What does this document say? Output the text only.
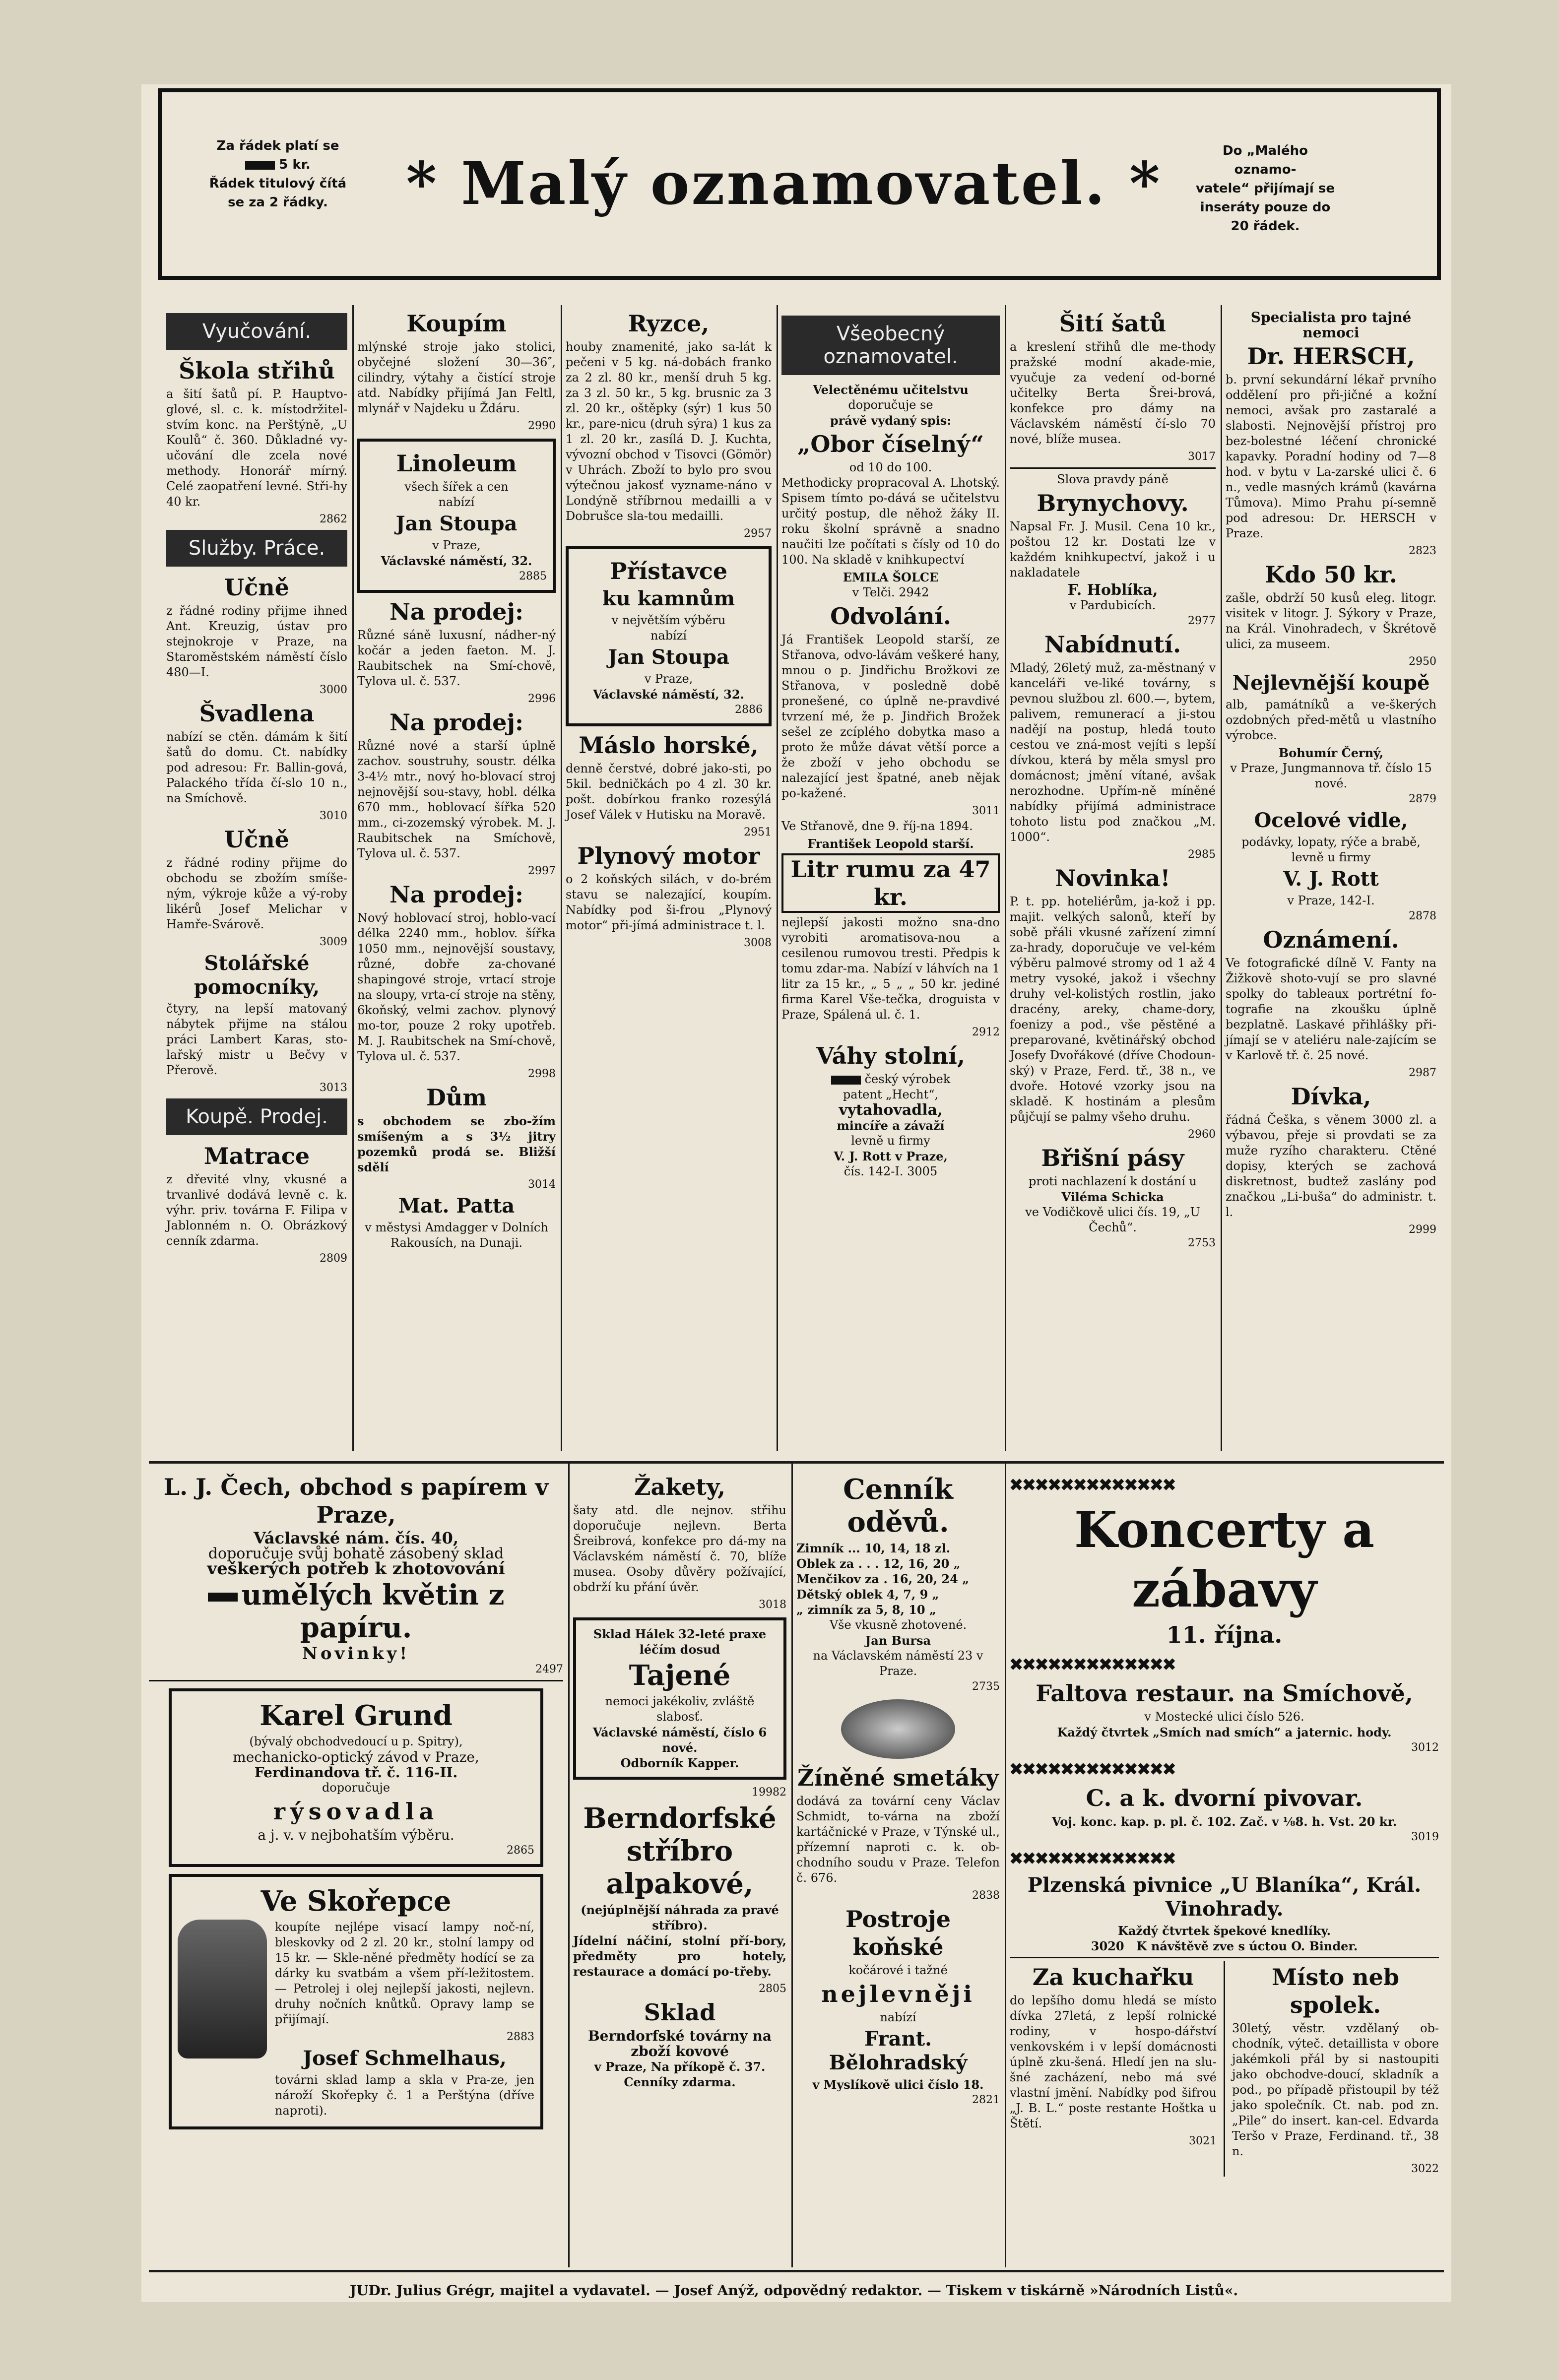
Za řádek platí se
5 kr.
Řádek titulový čítá
se za 2 řádky.	* Malý oznamovatel. *	Do „Malého oznamo-
vatele“ přijímají se
inseráty pouze do
20 řádek.
Vyučování.
Škola střihů

a šití šatů pí. P. Hauptvo-glové, sl. c. k. místodržitel-stvím konc. na Perštýně, „U Koulů“ č. 360. Důkladné vy-učování dle zcela nové methody. Honorář mírný. Celé zaopatření levné. Stři-hy 40 kr.

2862
Služby. Práce.
Učně

z řádné rodiny přijme ihned Ant. Kreuzig, ústav pro stejnokroje v Praze, na Staroměstském náměstí číslo 480—I.

3000
Švadlena

nabízí se ctěn. dámám k šití šatů do domu. Ct. nabídky pod adresou: Fr. Ballin-gová, Palackého třída čí-slo 10 n., na Smíchově.

3010
Učně

z řádné rodiny přijme do obchodu se zbožím smíše-ným, výkroje kůže a vý-roby likérů Josef Melichar v Hamře-Svárově.

3009
Stolářské pomocníky,

čtyry, na lepší matovaný nábytek přijme na stálou práci Lambert Karas, sto-lařský mistr u Bečvy v Přerově.

3013
Koupě. Prodej.
Matrace

z dřevité vlny, vkusné a trvanlivé dodává levně c. k. výhr. priv. továrna F. Filipa v Jablonném n. O. Obrázkový cenník zdarma.

2809
Koupím

mlýnské stroje jako stolici, obyčejné složení 30—36″, cilindry, výtahy a čistící stroje atd. Nabídky přijímá Jan Feltl, mlynář v Najdeku u Ždáru.

2990
Linoleum
všech šířek a cen
nabízí
Jan Stoupa
v Praze,
Václavské náměstí, 32.
2885
Na prodej:

Různé sáně luxusní, nádher-ný kočár a jeden faeton. M. J. Raubitschek na Smí-chově, Tylova ul. č. 537.

2996
Na prodej:

Různé nové a starší úplně zachov. soustruhy, soustr. délka 3-4½ mtr., nový ho-blovací stroj nejnovější sou-stavy, hobl. délka 670 mm., hoblovací šířka 520 mm., ci-zozemský výrobek. M. J. Raubitschek na Smíchově, Tylova ul. č. 537.

2997
Na prodej:

Nový hoblovací stroj, hoblo-vací délka 2240 mm., hoblov. šířka 1050 mm., nejnovější soustavy, různé, dobře za-chované shapingové stroje, vrtací stroje na sloupy, vrta-cí stroje na stěny, 6koňský, velmi zachov. plynový mo-tor, pouze 2 roky upotřeb. M. J. Raubitschek na Smí-chově, Tylova ul. č. 537.

2998
Dům

s obchodem se zbo-žím smíšeným a s 3½ jitry pozemků prodá se. Bližší sdělí

3014
Mat. Patta
v městysi Amdagger v Dolních Rakousích, na Dunaji.
Ryzce,

houby znamenité, jako sa-lát k pečeni v 5 kg. ná-dobách franko za 2 zl. 80 kr., menší druh 5 kg. za 3 zl. 50 kr., 5 kg. brusnic za 3 zl. 20 kr., oštěpky (sýr) 1 kus 50 kr., pare-nicu (druh sýra) 1 kus za 1 zl. 20 kr., zasílá D. J. Kuchta, vývozní obchod v Tisovci (Gömör) v Uhrách. Zboží to bylo pro svou výtečnou jakosť vyzname-náno v Londýně stříbrnou medailli a v Dobrušce sla-tou medailli.

2957
Přístavce
ku kamnům
v největším výběru
nabízí
Jan Stoupa
v Praze,
Václavské náměstí, 32.
2886
Máslo horské,

denně čerstvé, dobré jako-sti, po 5kil. bedničkách po 4 zl. 30 kr. pošt. dobírkou franko rozesýlá Josef Válek v Hutisku na Moravě.

2951
Plynový motor

o 2 koňských silách, v do-brém stavu se nalezající, koupím. Nabídky pod ši-frou „Plynový motor“ při-jímá administrace t. l.

3008
Všeobecný oznamovatel.
Velectěnému učitelstvu
doporučuje se
právě vydaný spis:
„Obor číselný“
od 10 do 100.

Methodicky propracoval A. Lhotský. Spisem tímto po-dává se učitelstvu určitý postup, dle něhož žáky II. roku školní správně a snadno naučiti lze počítati s čísly od 10 do 100. Na skladě v knihkupectví

EMILA ŠOLCE
v Telči. 2942
Odvolání.

Já František Leopold starší, ze Střanova, odvo-lávám veškeré hany, mnou o p. Jindřichu Brožkovi ze Střanova, v posledně době pronešené, co úplně ne-pravdivé tvrzení mé, že p. Jindřich Brožek sešel ze zcíplého dobytka maso a proto že může dávat větší porce a že zboží v jeho obchodu se nalezající jest špatné, aneb nějak po-kažené.

3011

Ve Střanově, dne 9. říj-na 1894.

František Leopold starší.
Litr rumu za 47 kr.

nejlepší jakosti možno sna-dno vyrobiti aromatisova-nou a cesilenou rumovou tresti. Předpis k tomu zdar-ma. Nabízí v láhvích na 1 litr za 15 kr., „ 5 „ „ 50 kr. jediné firma Karel Vše-tečka, droguista v Praze, Spálená ul. č. 1.

2912
Váhy stolní,
český výrobek
patent „Hecht“,
vytahovadla,
mincíře a závaží
levně u firmy
V. J. Rott v Praze,
čís. 142-I. 3005
Šití šatů

a kreslení střihů dle me-thody pražské modní akade-mie, vyučuje za vedení od-borné učitelky Berta Šrei-brová, konfekce pro dámy na Václavském náměstí čí-slo 70 nové, blíže musea.

3017
Slova pravdy páně
Brynychovy.

Napsal Fr. J. Musil. Cena 10 kr., poštou 12 kr. Dostati lze v každém knihkupectví, jakož i u nakladatele

F. Hoblíka,
v Pardubicích.
2977
Nabídnutí.

Mladý, 26letý muž, za-městnaný v kanceláři ve-liké továrny, s pevnou službou zl. 600.—, bytem, palivem, remunerací a ji-stou nadějí na postup, hledá touto cestou ve zná-most vejíti s lepší dívkou, která by měla smysl pro domácnost; jmění vítané, avšak nerozhodne. Upřím-ně míněné nabídky přijímá administrace tohoto listu pod značkou „M. 1000“.

2985
Novinka!

P. t. pp. hoteliérům, ja-kož i pp. majit. velkých salonů, kteří by sobě přáli vkusné zařízení zimní za-hrady, doporučuje ve vel-kém výběru palmové stromy od 1 až 4 metry vysoké, jakož i všechny druhy vel-kolistých rostlin, jako dracény, areky, chame-dory, foenizy a pod., vše pěstěné a preparované, květinářský obchod Josefy Dvořákové (dříve Chodoun-ský) v Praze, Ferd. tř., 38 n., ve dvoře. Hotové vzorky jsou na skladě. K hostinám a plesům půjčují se palmy všeho druhu.

2960
Břišní pásy
proti nachlazení k dostání u
Viléma Schicka
ve Vodičkově ulici čís. 19, „U Čechů“.
2753
Specialista pro tajné nemoci
Dr. HERSCH,

b. první sekundární lékař prvního oddělení pro při-jičné a kožní nemoci, avšak pro zastaralé a slabosti. Nejnovější přístroj pro bez-bolestné léčení chronické kapavky. Poradní hodiny od 7—8 hod. v bytu v La-zarské ulici č. 6 n., vedle masných krámů (kavárna Tůmova). Mimo Prahu pí-semně pod adresou: Dr. HERSCH v Praze.

2823
Kdo 50 kr.

zašle, obdrží 50 kusů eleg. litogr. visitek v litogr. J. Sýkory v Praze, na Král. Vinohradech, v Škrétově ulici, za museem.

2950
Nejlevnější koupě

alb, památníků a ve-škerých ozdobných před-mětů u vlastního výrobce.

Bohumír Černý,
v Praze, Jungmannova tř. číslo 15 nové.
2879
Ocelové vidle,
podávky, lopaty, rýče a brabě, levně u firmy
V. J. Rott
v Praze, 142-I.
2878
Oznámení.

Ve fotografické dílně V. Fanty na Žižkově shoto-vují se pro slavné spolky do tableaux portrétní fo-tografie na zkoušku úplně bezplatně. Laskavé přihlášky při-jímají se v ateliéru nale-zajícím se v Karlově tř. č. 25 nové.

2987
Dívka,

řádná Češka, s věnem 3000 zl. a výbavou, přeje si provdati se za muže ryzího charakteru. Ctěné dopisy, kterých se zachová diskretnost, budtež zaslány pod značkou „Li-buša“ do administr. t. l.

2999
L. J. Čech, obchod s papírem v Praze,
Václavské nám. čís. 40,
doporučuje svůj bohatě zásobený sklad
veškerých potřeb k zhotovování
umělých květin z papíru.
Novinky!
2497
Karel Grund
(bývalý obchodvedoucí u p. Spitry),
mechanicko-optický závod v Praze,
Ferdinandova tř. č. 116-II.
doporučuje
rýsovadla
a j. v. v nejbohatším výběru.
2865
Ve Skořepce

koupíte nejlépe visací lampy noč-ní, bleskovky od 2 zl. 20 kr., stolní lampy od 15 kr. — Skle-něné předměty hodící se za dárky ku svatbám a všem pří-ležitostem. — Petrolej i olej nejlepší jakosti, nejlevn. druhy nočních knůtků. Opravy lamp se přijímají.

2883
Josef Schmelhaus,

továrni sklad lamp a skla v Pra-ze, jen nároží Skořepky č. 1 a Perštýna (dříve naproti).

Žakety,

šaty atd. dle nejnov. střihu doporučuje nejlevn. Berta Šreibrová, konfekce pro dá-my na Václavském náměstí č. 70, blíže musea. Osoby důvěry požívající, obdrží ku přání úvěr.

3018
Sklad Hálek 32-leté praxe léčím dosud
Tajené
nemoci jakékoliv, zvláště slabosť.
Václavské náměstí, číslo 6 nové.
Odborník Kapper.
19982
Berndorfské stříbro alpakové,
(nejúplnější náhrada za pravé stříbro).

Jídelní náčiní, stolní pří-bory, předměty pro hotely, restaurace a domácí po-třeby.

2805
Sklad
Berndorfské továrny na zboží kovové
v Praze, Na příkopě č. 37. Cenníky zdarma.
Cenník oděvů.
Zimník ... 10, 14, 18 zl.
Oblek za . . . 12, 16, 20 „
Menčikov za . 16, 20, 24 „
Dětský oblek 4, 7, 9 „
„ zimník za 5, 8, 10 „
Vše vkusně zhotovené.
Jan Bursa
na Václavském náměstí 23 v Praze.
2735
Žíněné smetáky

dodává za tovární ceny Václav Schmidt, to-várna na zboží kartáčnické v Praze, v Týnské ul., přízemní naproti c. k. ob-chodního soudu v Praze. Telefon č. 676.

2838
Postroje koňské
kočárové i tažné
nejlevněji
nabízí
Frant. Bělohradský
v Myslíkově ulici číslo 18.
2821
✖✖✖✖✖✖✖✖✖✖✖✖✖
Koncerty a zábavy
11. října.
✖✖✖✖✖✖✖✖✖✖✖✖✖
Faltova restaur. na Smíchově,
v Mostecké ulici číslo 526.
Každý čtvrtek „Smích nad smích“ a jaternic. hody.
3012
✖✖✖✖✖✖✖✖✖✖✖✖✖
C. a k. dvorní pivovar.
Voj. konc. kap. p. pl. č. 102. Zač. v ⅛8. h. Vst. 20 kr.
3019
✖✖✖✖✖✖✖✖✖✖✖✖✖
Plzenská pivnice „U Blaníka“, Král. Vinohrady.
Každý čtvrtek špekové knedlíky.
3020 K návštěvě zve s úctou O. Binder.
Za kuchařku

do lepšího domu hledá se místo dívka 27letá, z lepší rolnické rodiny, v hospo-dářství venkovském i v lepší domácnosti úplně zku-šená. Hledí jen na slu-šné zacházení, nebo má své vlastní jmění. Nabídky pod šifrou „J. B. L.“ poste restante Hoštka u Štětí.

3021
Místo neb spolek.

30letý, věstr. vzdělaný ob-chodník, výteč. detaillista v obore jakémkoli přál by si nastoupiti jako obchodve-doucí, skladník a pod., po případě přistoupil by též jako společník. Ct. nab. pod zn. „Pile“ do insert. kan-cel. Edvarda Teršo v Praze, Ferdinand. tř., 38 n.

3022
JUDr. Julius Grégr, majitel a vydavatel. — Josef Anýž, odpovědný redaktor. — Tiskem v tiskárně »Národních Listů«.
